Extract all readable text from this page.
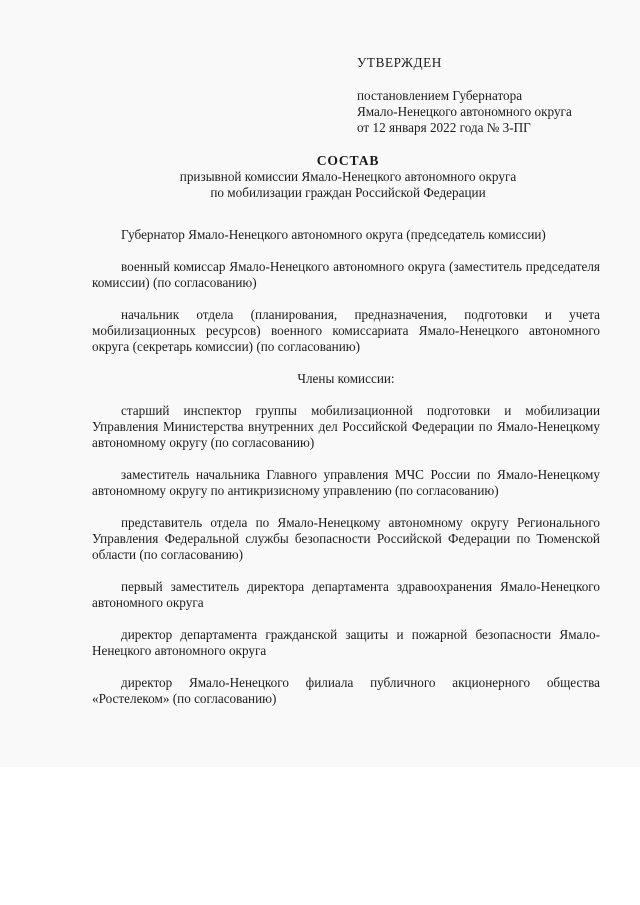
УТВЕРЖДЕН
постановлением Губернатора
Ямало-Ненецкого автономного округа
от 12 января 2022 года № 3-ПГ
СОСТАВ
призывной комиссии Ямало-Ненецкого автономного округа
по мобилизации граждан Российской Федерации

Губернатор Ямало-Ненецкого автономного округа (председатель комиссии)

военный комиссар Ямало-Ненецкого автономного округа (заместитель председателя комиссии) (по согласованию)

начальник отдела (планирования, предназначения, подготовки и учета мобилизационных ресурсов) военного комиссариата Ямало-Ненецкого автономного округа (секретарь комиссии) (по согласованию)

Члены комиссии:

старший инспектор группы мобилизационной подготовки и мобилизации Управления Министерства внутренних дел Российской Федерации по Ямало-Ненецкому автономному округу (по согласованию)

заместитель начальника Главного управления МЧС России по Ямало-Ненецкому автономному округу по антикризисному управлению (по согласованию)

представитель отдела по Ямало-Ненецкому автономному округу Регионального Управления Федеральной службы безопасности Российской Федерации по Тюменской области (по согласованию)

первый заместитель директора департамента здравоохранения Ямало-Ненецкого автономного округа

директор департамента гражданской защиты и пожарной безопасности Ямало-Ненецкого автономного округа

директор Ямало-Ненецкого филиала публичного акционерного общества «Ростелеком» (по согласованию)
